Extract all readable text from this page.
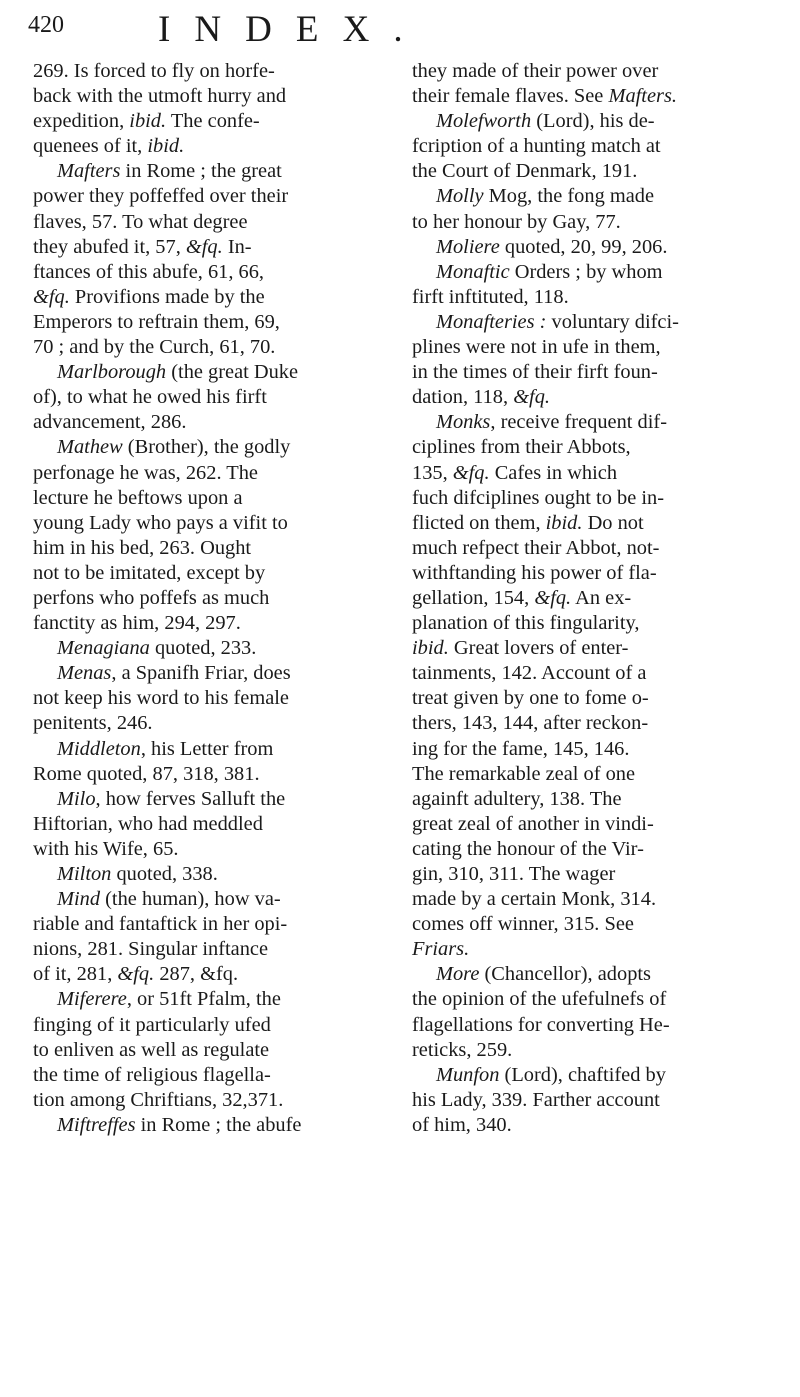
420	INDEX.
269. Is forced to fly on horfe-
back with the utmoft hurry and
expedition, ibid. The confe-
quenees of it, ibid.
Mafters in Rome ; the great
power they poffeffed over their
flaves, 57. To what degree
they abufed it, 57, &fq. In-
ftances of this abufe, 61, 66,
&fq. Provifions made by the
Emperors to reftrain them, 69,
70 ; and by the Curch, 61, 70.
Marlborough (the great Duke
of), to what he owed his firft
advancement, 286.
Mathew (Brother), the godly
perfonage he was, 262. The
lecture he beftows upon a
young Lady who pays a vifit to
him in his bed, 263. Ought
not to be imitated, except by
perfons who poffefs as much
fanctity as him, 294, 297.
Menagiana quoted, 233.
Menas, a Spanifh Friar, does
not keep his word to his female
penitents, 246.
Middleton, his Letter from
Rome quoted, 87, 318, 381.
Milo, how ferves Salluft the
Hiftorian, who had meddled
with his Wife, 65.
Milton quoted, 338.
Mind (the human), how va-
riable and fantaftick in her opi-
nions, 281. Singular inftance
of it, 281, &fq. 287, &fq.
Miferere, or 51ft Pfalm, the
finging of it particularly ufed
to enliven as well as regulate
the time of religious flagella-
tion among Chriftians, 32,371.
Miftreffes in Rome ; the abufe
they made of their power over
their female flaves. See Mafters.
Molefworth (Lord), his de-
fcription of a hunting match at
the Court of Denmark, 191.
Molly Mog, the fong made
to her honour by Gay, 77.
Moliere quoted, 20, 99, 206.
Monaftic Orders ; by whom
firft inftituted, 118.
Monafteries : voluntary difci-
plines were not in ufe in them,
in the times of their firft foun-
dation, 118, &fq.
Monks, receive frequent dif-
ciplines from their Abbots,
135, &fq. Cafes in which
fuch difciplines ought to be in-
flicted on them, ibid. Do not
much refpect their Abbot, not-
withftanding his power of fla-
gellation, 154, &fq. An ex-
planation of this fingularity,
ibid. Great lovers of enter-
tainments, 142. Account of a
treat given by one to fome o-
thers, 143, 144, after reckon-
ing for the fame, 145, 146.
The remarkable zeal of one
againft adultery, 138. The
great zeal of another in vindi-
cating the honour of the Vir-
gin, 310, 311. The wager
made by a certain Monk, 314.
comes off winner, 315. See
Friars.
More (Chancellor), adopts
the opinion of the ufefulnefs of
flagellations for converting He-
reticks, 259.
Munfon (Lord), chaftifed by
his Lady, 339. Farther account
of him, 340.
